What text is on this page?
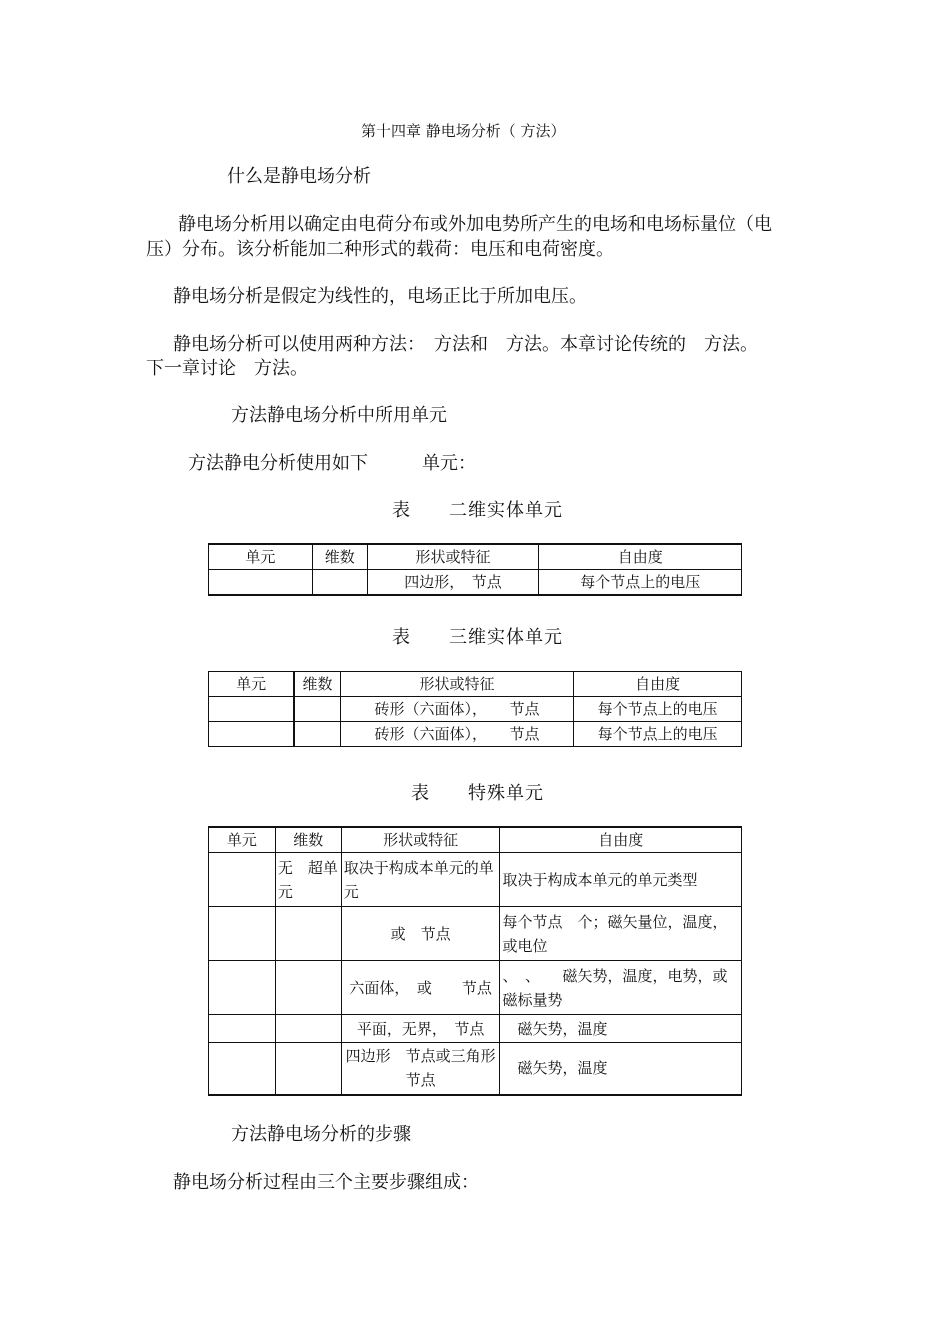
第十四章 静电场分析（ 方法）
什么是静电场分析
静电场分析用以确定由电荷分布或外加电势所产生的电场和电场标量位（电
压）分布。该分析能加二种形式的载荷：电压和电荷密度。
静电场分析是假定为线性的，电场正比于所加电压。
静电场分析可以使用两种方法：　方法和　方法。本章讨论传统的　方法。
下一章讨论　方法。
方法静电场分析中所用单元
方法静电分析使用如下　　　单元：
表　　二维实体单元
单元	维数	形状或特征	自由度
		四边形，　节点	每个节点上的电压
表　　三维实体单元
单元	维数	形状或特征	自由度
		砖形（六面体），　　节点	每个节点上的电压
		砖形（六面体），　　节点	每个节点上的电压
表　　特殊单元
单元	维数	形状或特征	自由度
	无　超单元	取决于构成本单元的单元	取决于构成本单元的单元类型
		或　节点	每个节点　个；磁矢量位，温度，或电位
		六面体，　或　　节点	、　、　　磁矢势，温度，电势，或磁标量势
		平面，无界，　节点	　磁矢势，温度
		四边形　节点或三角形　节点	　磁矢势，温度
方法静电场分析的步骤
静电场分析过程由三个主要步骤组成：
